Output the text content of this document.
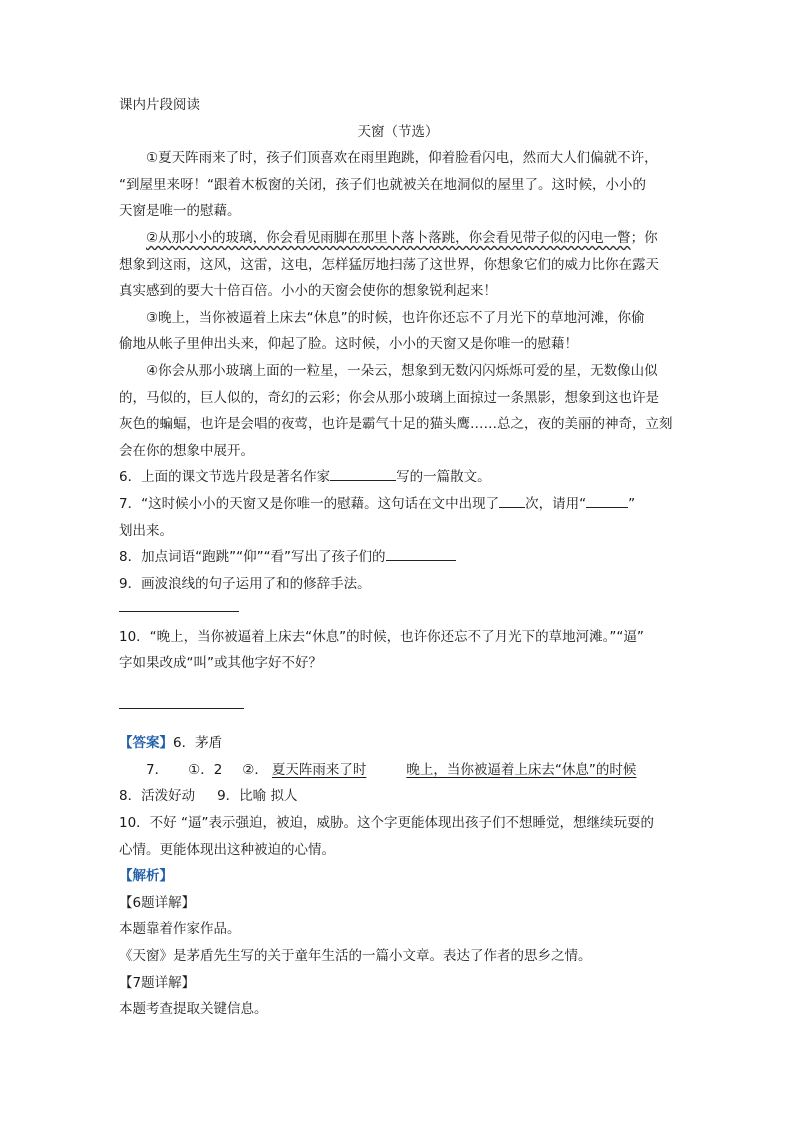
课内片段阅读
天窗（节选）
①夏天阵雨来了时，孩子们顶喜欢在雨里跑跳，仰着脸看闪电，然而大人们偏就不许，
“到屋里来呀！“跟着木板窗的关闭，孩子们也就被关在地洞似的屋里了。这时候，小小的
天窗是唯一的慰藉。
②从那小小的玻璃，你会看见雨脚在那里卜落卜落跳，你会看见带子似的闪电一瞥；你
想象到这雨，这风，这雷，这电，怎样猛厉地扫荡了这世界，你想象它们的威力比你在露天
真实感到的要大十倍百倍。小小的天窗会使你的想象锐利起来！
③晚上，当你被逼着上床去“休息”的时候，也许你还忘不了月光下的草地河滩，你偷
偷地从帐子里伸出头来，仰起了脸。这时候，小小的天窗又是你唯一的慰藉！
④你会从那小玻璃上面的一粒星，一朵云，想象到无数闪闪烁烁可爱的星，无数像山似
的，马似的，巨人似的，奇幻的云彩；你会从那小玻璃上面掠过一条黑影，想象到这也许是
灰色的蝙蝠，也许是会唱的夜莺，也许是霸气十足的猫头鹰……总之，夜的美丽的神奇，立刻
会在你的想象中展开。
6．上面的课文节选片段是著名作家	写的一篇散文。
7．“这时候小小的天窗又是你唯一的慰藉。这句话在文中出现了 次，请用“	”
划出来。
8．加点词语“跑跳”“仰”“看”写出了孩子们的
9．画波浪线的句子运用了和的修辞手法。
10．“晚上，当你被逼着上床去“休息”的时候，也许你还忘不了月光下的草地河滩。”“逼”
字如果改成“叫”或其他字好不好？
【答案】6．茅盾
7． ①．2 ②． 夏天阵雨来了时	晚上，当你被逼着上床去“休息”的时候
8．活泼好动 9．比喻 拟人
10．不好 “逼”表示强迫，被迫，威胁。这个字更能体现出孩子们不想睡觉，想继续玩耍的
心情。更能体现出这种被迫的心情。
【解析】
【6题详解】
本题靠着作家作品。
《天窗》是茅盾先生写的关于童年生活的一篇小文章。表达了作者的思乡之情。
【7题详解】
本题考查提取关键信息。
